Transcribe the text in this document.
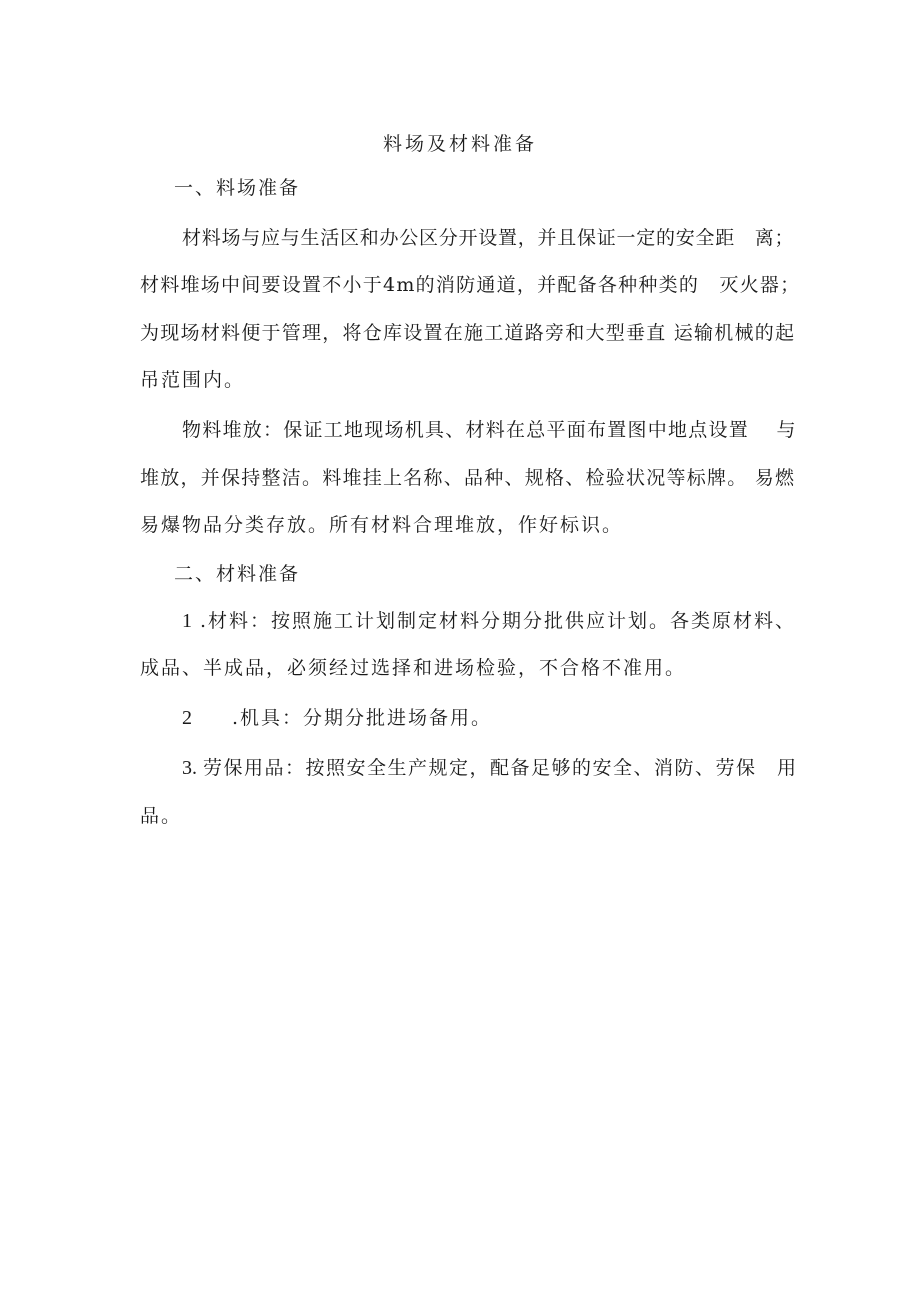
料场及材料准备
一、料场准备
材料场与应与生活区和办公区分开设置，并且保证一定的安全距　离；
材料堆场中间要设置不小于4m的消防通道，并配备各种种类的　灭火器；
为现场材料便于管理，将仓库设置在施工道路旁和大型垂直 运输机械的起
吊范围内。
物料堆放：保证工地现场机具、材料在总平面布置图中地点设置　 与
堆放，并保持整洁。料堆挂上名称、品种、规格、检验状况等标牌。 易燃
易爆物品分类存放。所有材料合理堆放，作好标识。
二、材料准备
1 .材料：按照施工计划制定材料分期分批供应计划。各类原材料、
成品、半成品，必须经过选择和进场检验，不合格不准用。
2 .机具：分期分批进场备用。
3. 劳保用品：按照安全生产规定，配备足够的安全、消防、劳保　用
品。
